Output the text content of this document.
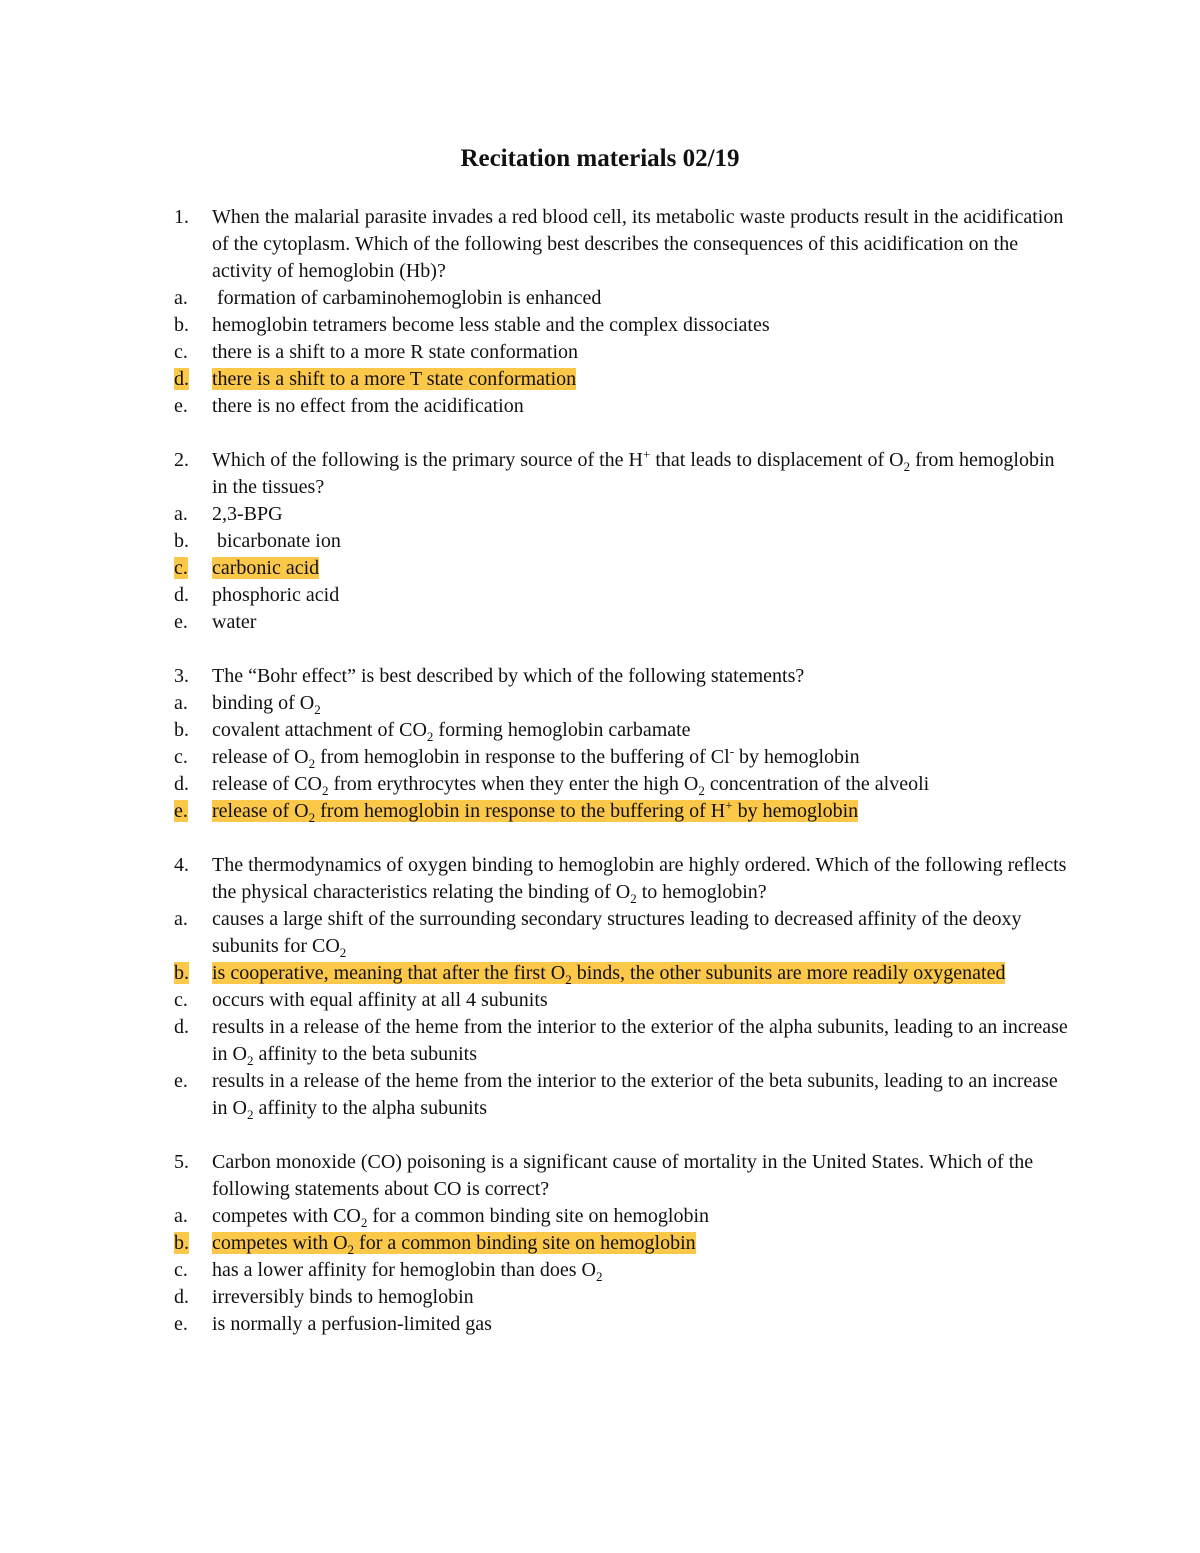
Recitation materials 02/19
1.	When the malarial parasite invades a red blood cell, its metabolic waste products result in the acidification of the cytoplasm. Which of the following best describes the consequences of this acidification on the activity of hemoglobin (Hb)?
a.	formation of carbaminohemoglobin is enhanced
b.	hemoglobin tetramers become less stable and the complex dissociates
c.	there is a shift to a more R state conformation
d.	there is a shift to a more T state conformation
e.	there is no effect from the acidification
2.	Which of the following is the primary source of the H+ that leads to displacement of $O_2$ from hemoglobin in the tissues?
a.	2,3-BPG
b.	bicarbonate ion
c.	carbonic acid
d.	phosphoric acid
e.	water
3.	The “Bohr effect” is best described by which of the following statements?
a.	binding of $O_2$
b.	covalent attachment of $CO_2$ forming hemoglobin carbamate
c.	release of $O_2$ from hemoglobin in response to the buffering of Cl- by hemoglobin
d.	release of $CO_2$ from erythrocytes when they enter the high $O_2$ concentration of the alveoli
e.	release of $O_2$ from hemoglobin in response to the buffering of H+ by hemoglobin
4.	The thermodynamics of oxygen binding to hemoglobin are highly ordered. Which of the following reflects the physical characteristics relating the binding of $O_2$ to hemoglobin?
a.	causes a large shift of the surrounding secondary structures leading to decreased affinity of the deoxy subunits for $CO_2$
b.	is cooperative, meaning that after the first $O_2$ binds, the other subunits are more readily oxygenated
c.	occurs with equal affinity at all 4 subunits
d.	results in a release of the heme from the interior to the exterior of the alpha subunits, leading to an increase in $O_2$ affinity to the beta subunits
e.	results in a release of the heme from the interior to the exterior of the beta subunits, leading to an increase in $O_2$ affinity to the alpha subunits
5.	Carbon monoxide (CO) poisoning is a significant cause of mortality in the United States. Which of the following statements about CO is correct?
a.	competes with $CO_2$ for a common binding site on hemoglobin
b.	competes with $O_2$ for a common binding site on hemoglobin
c.	has a lower affinity for hemoglobin than does $O_2$
d.	irreversibly binds to hemoglobin
e.	is normally a perfusion-limited gas
